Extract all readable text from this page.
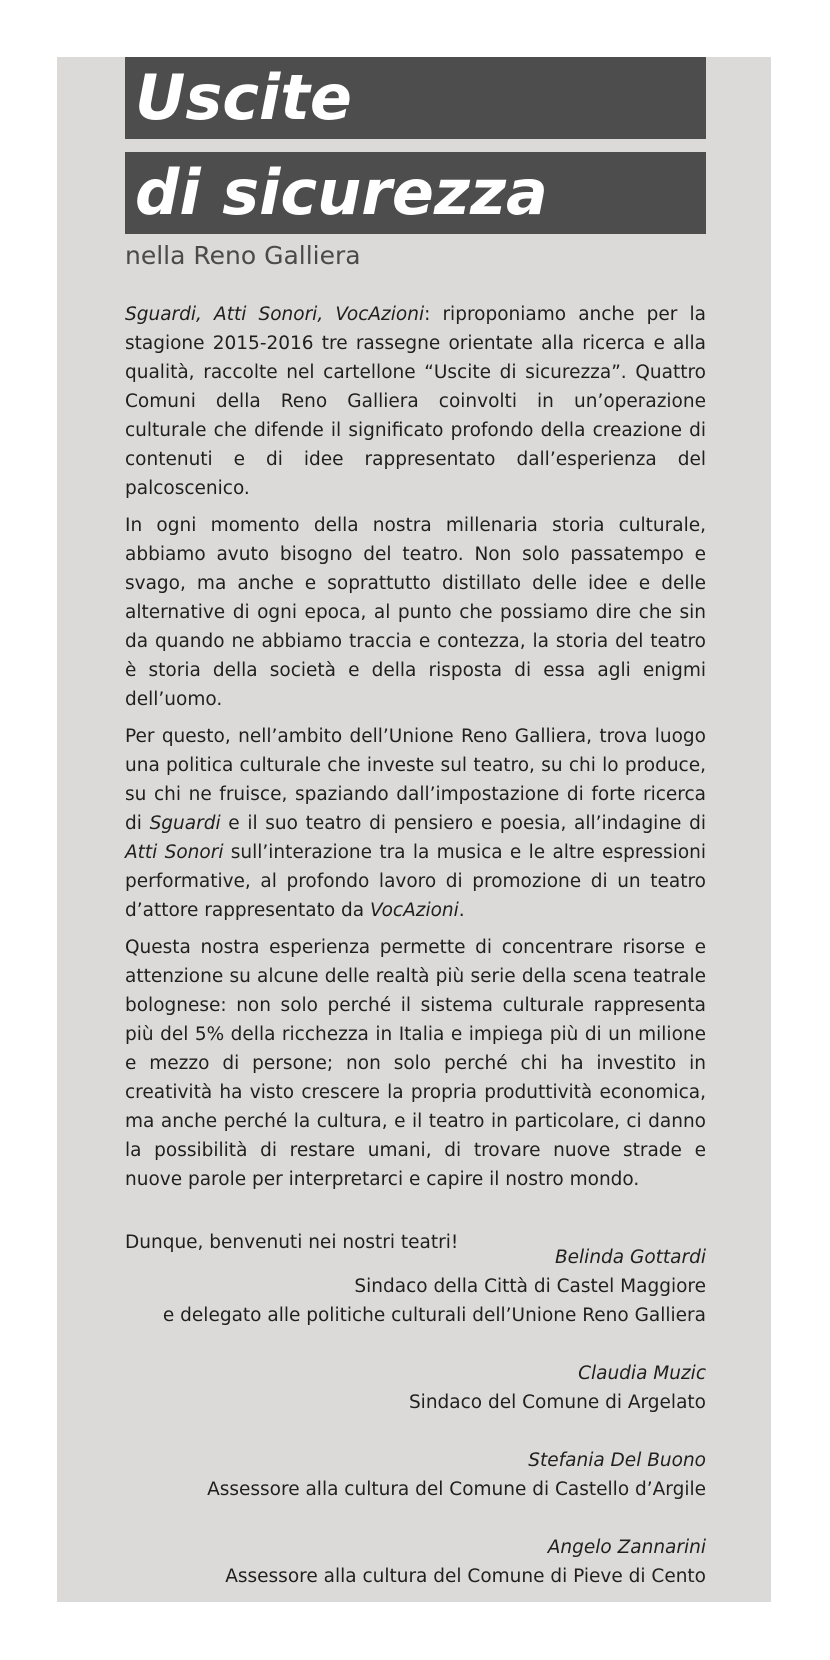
Uscite
di sicurezza
nella Reno Galliera

Sguardi, Atti Sonori, VocAzioni: riproponiamo anche per la stagione 2015-2016 tre rassegne orientate alla ricerca e alla qualità, raccolte nel cartellone “Uscite di sicurezza”. Quattro Comuni della Reno Galliera coinvolti in un’operazione culturale che difende il significato profondo della creazione di contenuti e di idee rappresentato dall’esperienza del palcoscenico.

In ogni momento della nostra millenaria storia culturale, abbiamo avuto bisogno del teatro. Non solo passatempo e svago, ma anche e soprattutto distillato delle idee e delle alternative di ogni epoca, al punto che possiamo dire che sin da quando ne abbiamo traccia e contezza, la storia del teatro è storia della società e della risposta di essa agli enigmi dell’uomo.

Per questo, nell’ambito dell’Unione Reno Galliera, trova luogo una politica culturale che investe sul teatro, su chi lo produce, su chi ne fruisce, spaziando dall’impostazione di forte ricerca di Sguardi e il suo teatro di pensiero e poesia, all’indagine di Atti Sonori sull’interazione tra la musica e le altre espressioni performative, al profondo lavoro di promozione di un teatro d’attore rappresentato da VocAzioni.

Questa nostra esperienza permette di concentrare risorse e attenzione su alcune delle realtà più serie della scena teatrale bolognese: non solo perché il sistema culturale rappresenta più del 5% della ricchezza in Italia e impiega più di un milione e mezzo di persone; non solo perché chi ha investito in creatività ha visto crescere la propria produttività economica, ma anche perché la cultura, e il teatro in particolare, ci danno la possibilità di restare umani, di trovare nuove strade e nuove parole per interpretarci e capire il nostro mondo.

Dunque, benvenuti nei nostri teatri!

Belinda Gottardi
Sindaco della Città di Castel Maggiore
e delegato alle politiche culturali dell’Unione Reno Galliera
Claudia Muzic
Sindaco del Comune di Argelato
Stefania Del Buono
Assessore alla cultura del Comune di Castello d’Argile
Angelo Zannarini
Assessore alla cultura del Comune di Pieve di Cento
